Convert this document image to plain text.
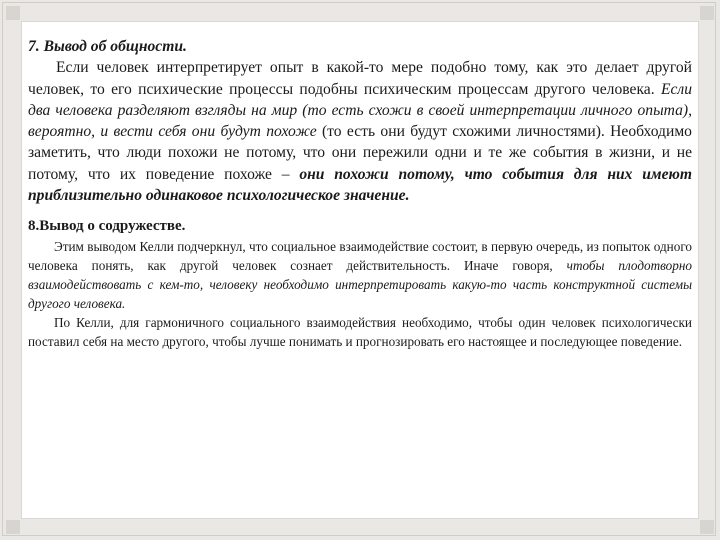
7. Вывод об общности.

Если человек интерпретирует опыт в какой-то мере подобно тому, как это делает другой человек, то его психические процессы подобны психическим процессам другого человека. Если два человека разделяют взгляды на мир (то есть схожи в своей интерпретации личного опыта), вероятно, и вести себя они будут похоже (то есть они будут схожими личностями). Необходимо заметить, что люди похожи не потому, что они пережили одни и те же события в жизни, и не потому, что их поведение похоже – они похожи потому, что события для них имеют приблизительно одинаковое психологическое значение.

8.Вывод о содружестве.

Этим выводом Келли подчеркнул, что социальное взаимодействие состоит, в первую очередь, из попыток одного человека понять, как другой человек сознает действительность. Иначе говоря, чтобы плодотворно взаимодействовать с кем-то, человеку необходимо интерпретировать какую-то часть конструктной системы другого человека.

По Келли, для гармоничного социального взаимодействия необходимо, чтобы один человек психологически поставил себя на место другого, чтобы лучше понимать и прогнозировать его настоящее и последующее поведение.
